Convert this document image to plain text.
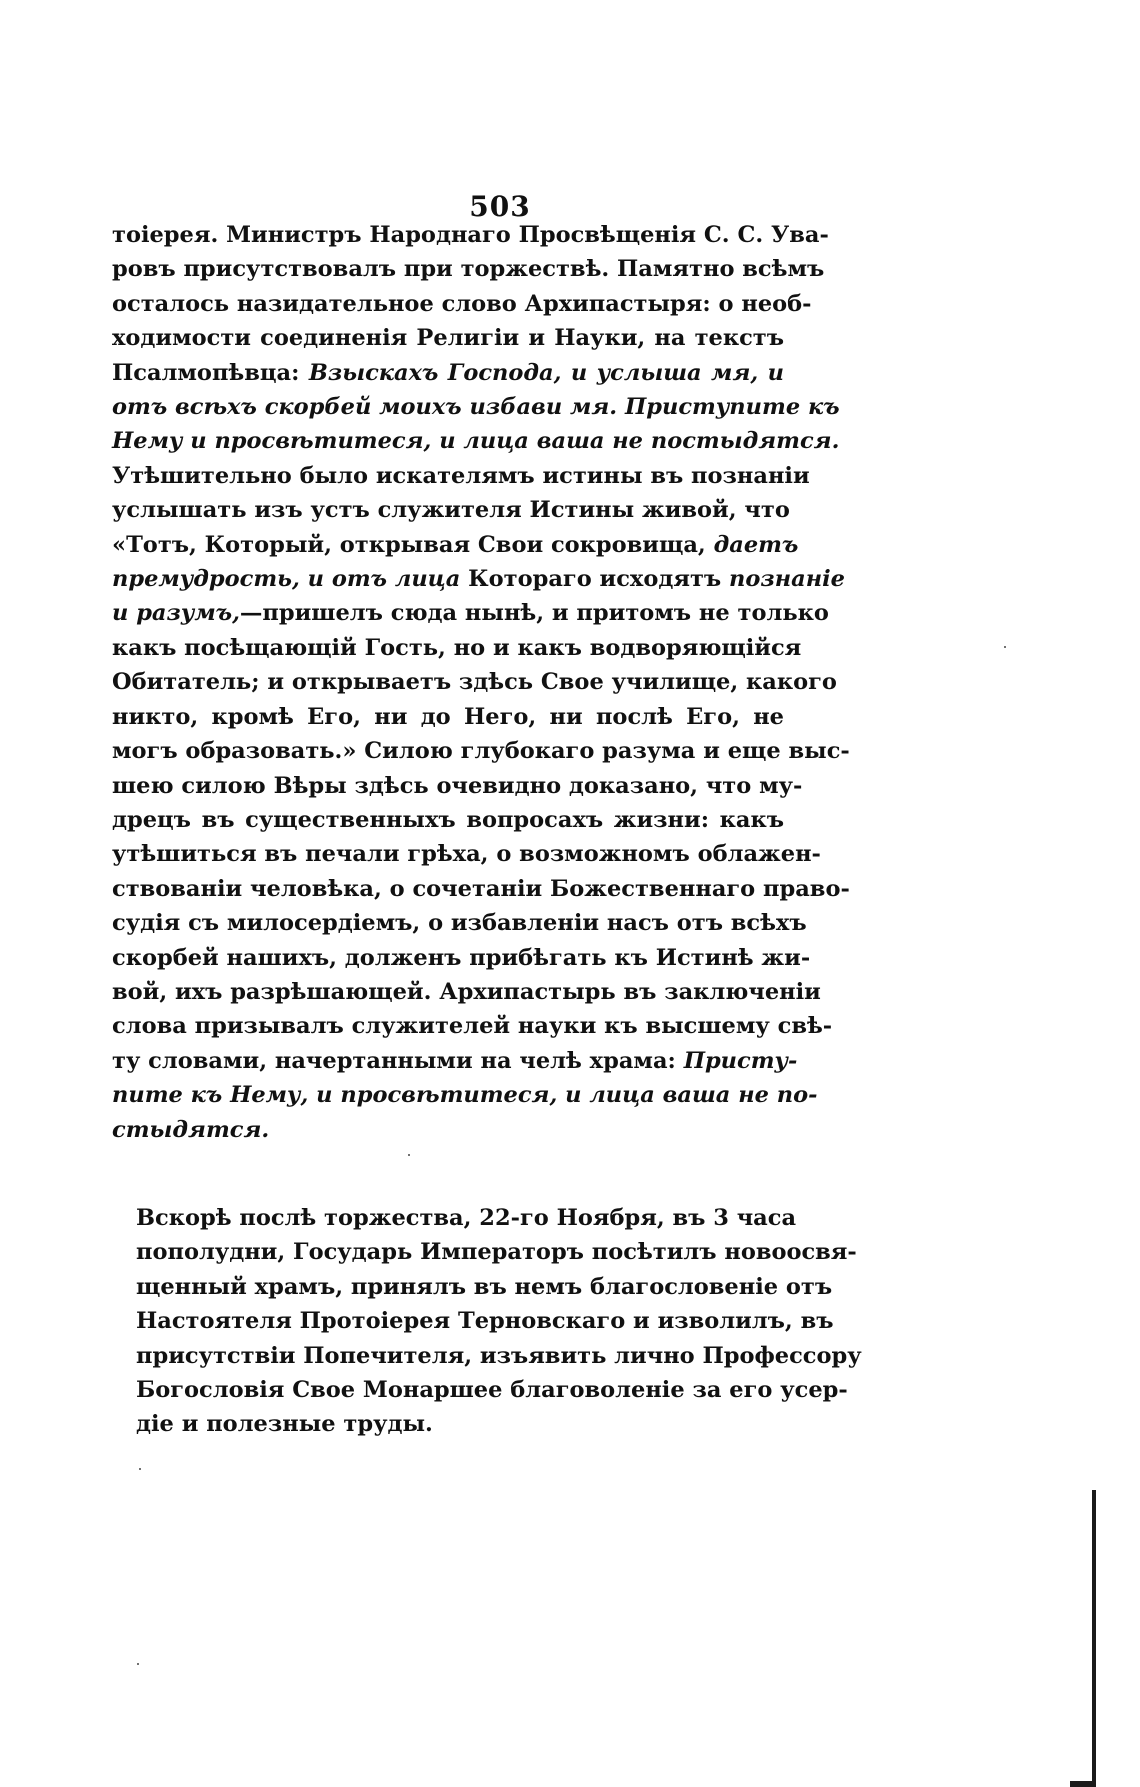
503
тоіерея. Министръ Народнаго Просвѣщенія С. С. Ува-
ровъ присутствовалъ при торжествѣ. Памятно всѣмъ
осталось назидательное слово Архипастыря: о необ-
ходимости соединенія Религіи и Науки, на текстъ
Псалмопѣвца: Взыскахъ Господа, и услыша мя, и
отъ всѣхъ скорбей моихъ избави мя. Приступите къ
Нему и просвѣтитеся, и лица ваша не постыдятся.
Утѣшительно было искателямъ истины въ познаніи
услышать изъ устъ служителя Истины живой, что
«Тотъ, Который, открывая Свои сокровища, даетъ
премудрость, и отъ лица Котораго исходятъ познаніе
и разумъ,—пришелъ сюда нынѣ, и притомъ не только
какъ посѣщающій Гость, но и какъ водворяющійся
Обитатель; и открываетъ здѣсь Свое училище, какого
никто, кромѣ Его, ни до Него, ни послѣ Его, не
могъ образовать.» Силою глубокаго разума и еще выс-
шею силою Вѣры здѣсь очевидно доказано, что му-
дрецъ въ существенныхъ вопросахъ жизни: какъ
утѣшиться въ печали грѣха, о возможномъ облажен-
ствованіи человѣка, о сочетаніи Божественнаго право-
судія съ милосердіемъ, о избавленіи насъ отъ всѣхъ
скорбей нашихъ, долженъ прибѣгать къ Истинѣ жи-
вой, ихъ разрѣшающей. Архипастырь въ заключеніи
слова призывалъ служителей науки къ высшему свѣ-
ту словами, начертанными на челѣ храма: Присту-
пите къ Нему, и просвѣтитеся, и лица ваша не по-
стыдятся.
Вскорѣ послѣ торжества, 22-го Ноября, въ 3 часа
пополудни, Государь Императоръ посѣтилъ новоосвя-
щенный храмъ, принялъ въ немъ благословеніе отъ
Настоятеля Протоіерея Терновскаго и изволилъ, въ
присутствіи Попечителя, изъявить лично Профессору
Богословія Свое Монаршее благоволеніе за его усер-
діе и полезные труды.
